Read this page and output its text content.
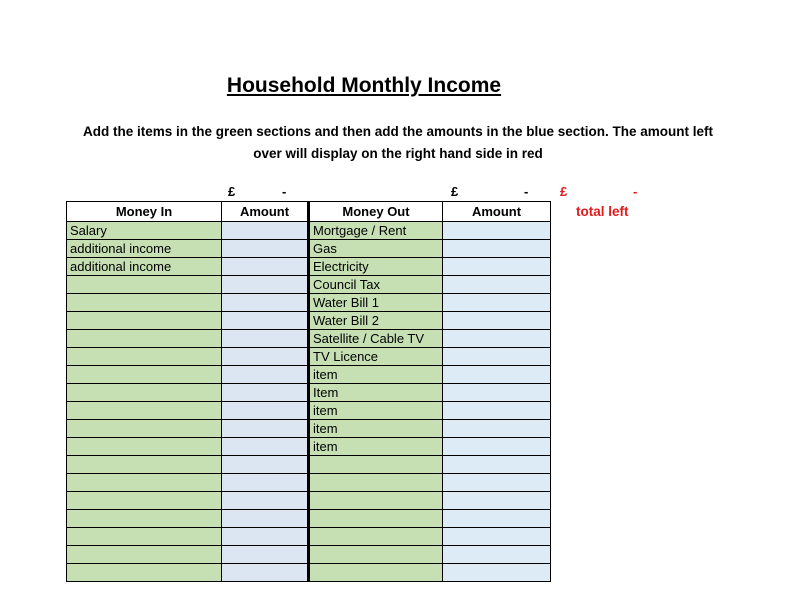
Household Monthly Income
Add the items in the green sections and then add the amounts in the blue section. The amount left over will display on the right hand side in red
£	-	£	- £	-
total left
Money In	Amount	Money Out	Amount
Salary		Mortgage / Rent	
additional income		Gas	
additional income		Electricity	
		Council Tax	
		Water Bill 1	
		Water Bill 2	
		Satellite / Cable TV	
		TV Licence	
		item	
		Item	
		item	
		item	
		item	
